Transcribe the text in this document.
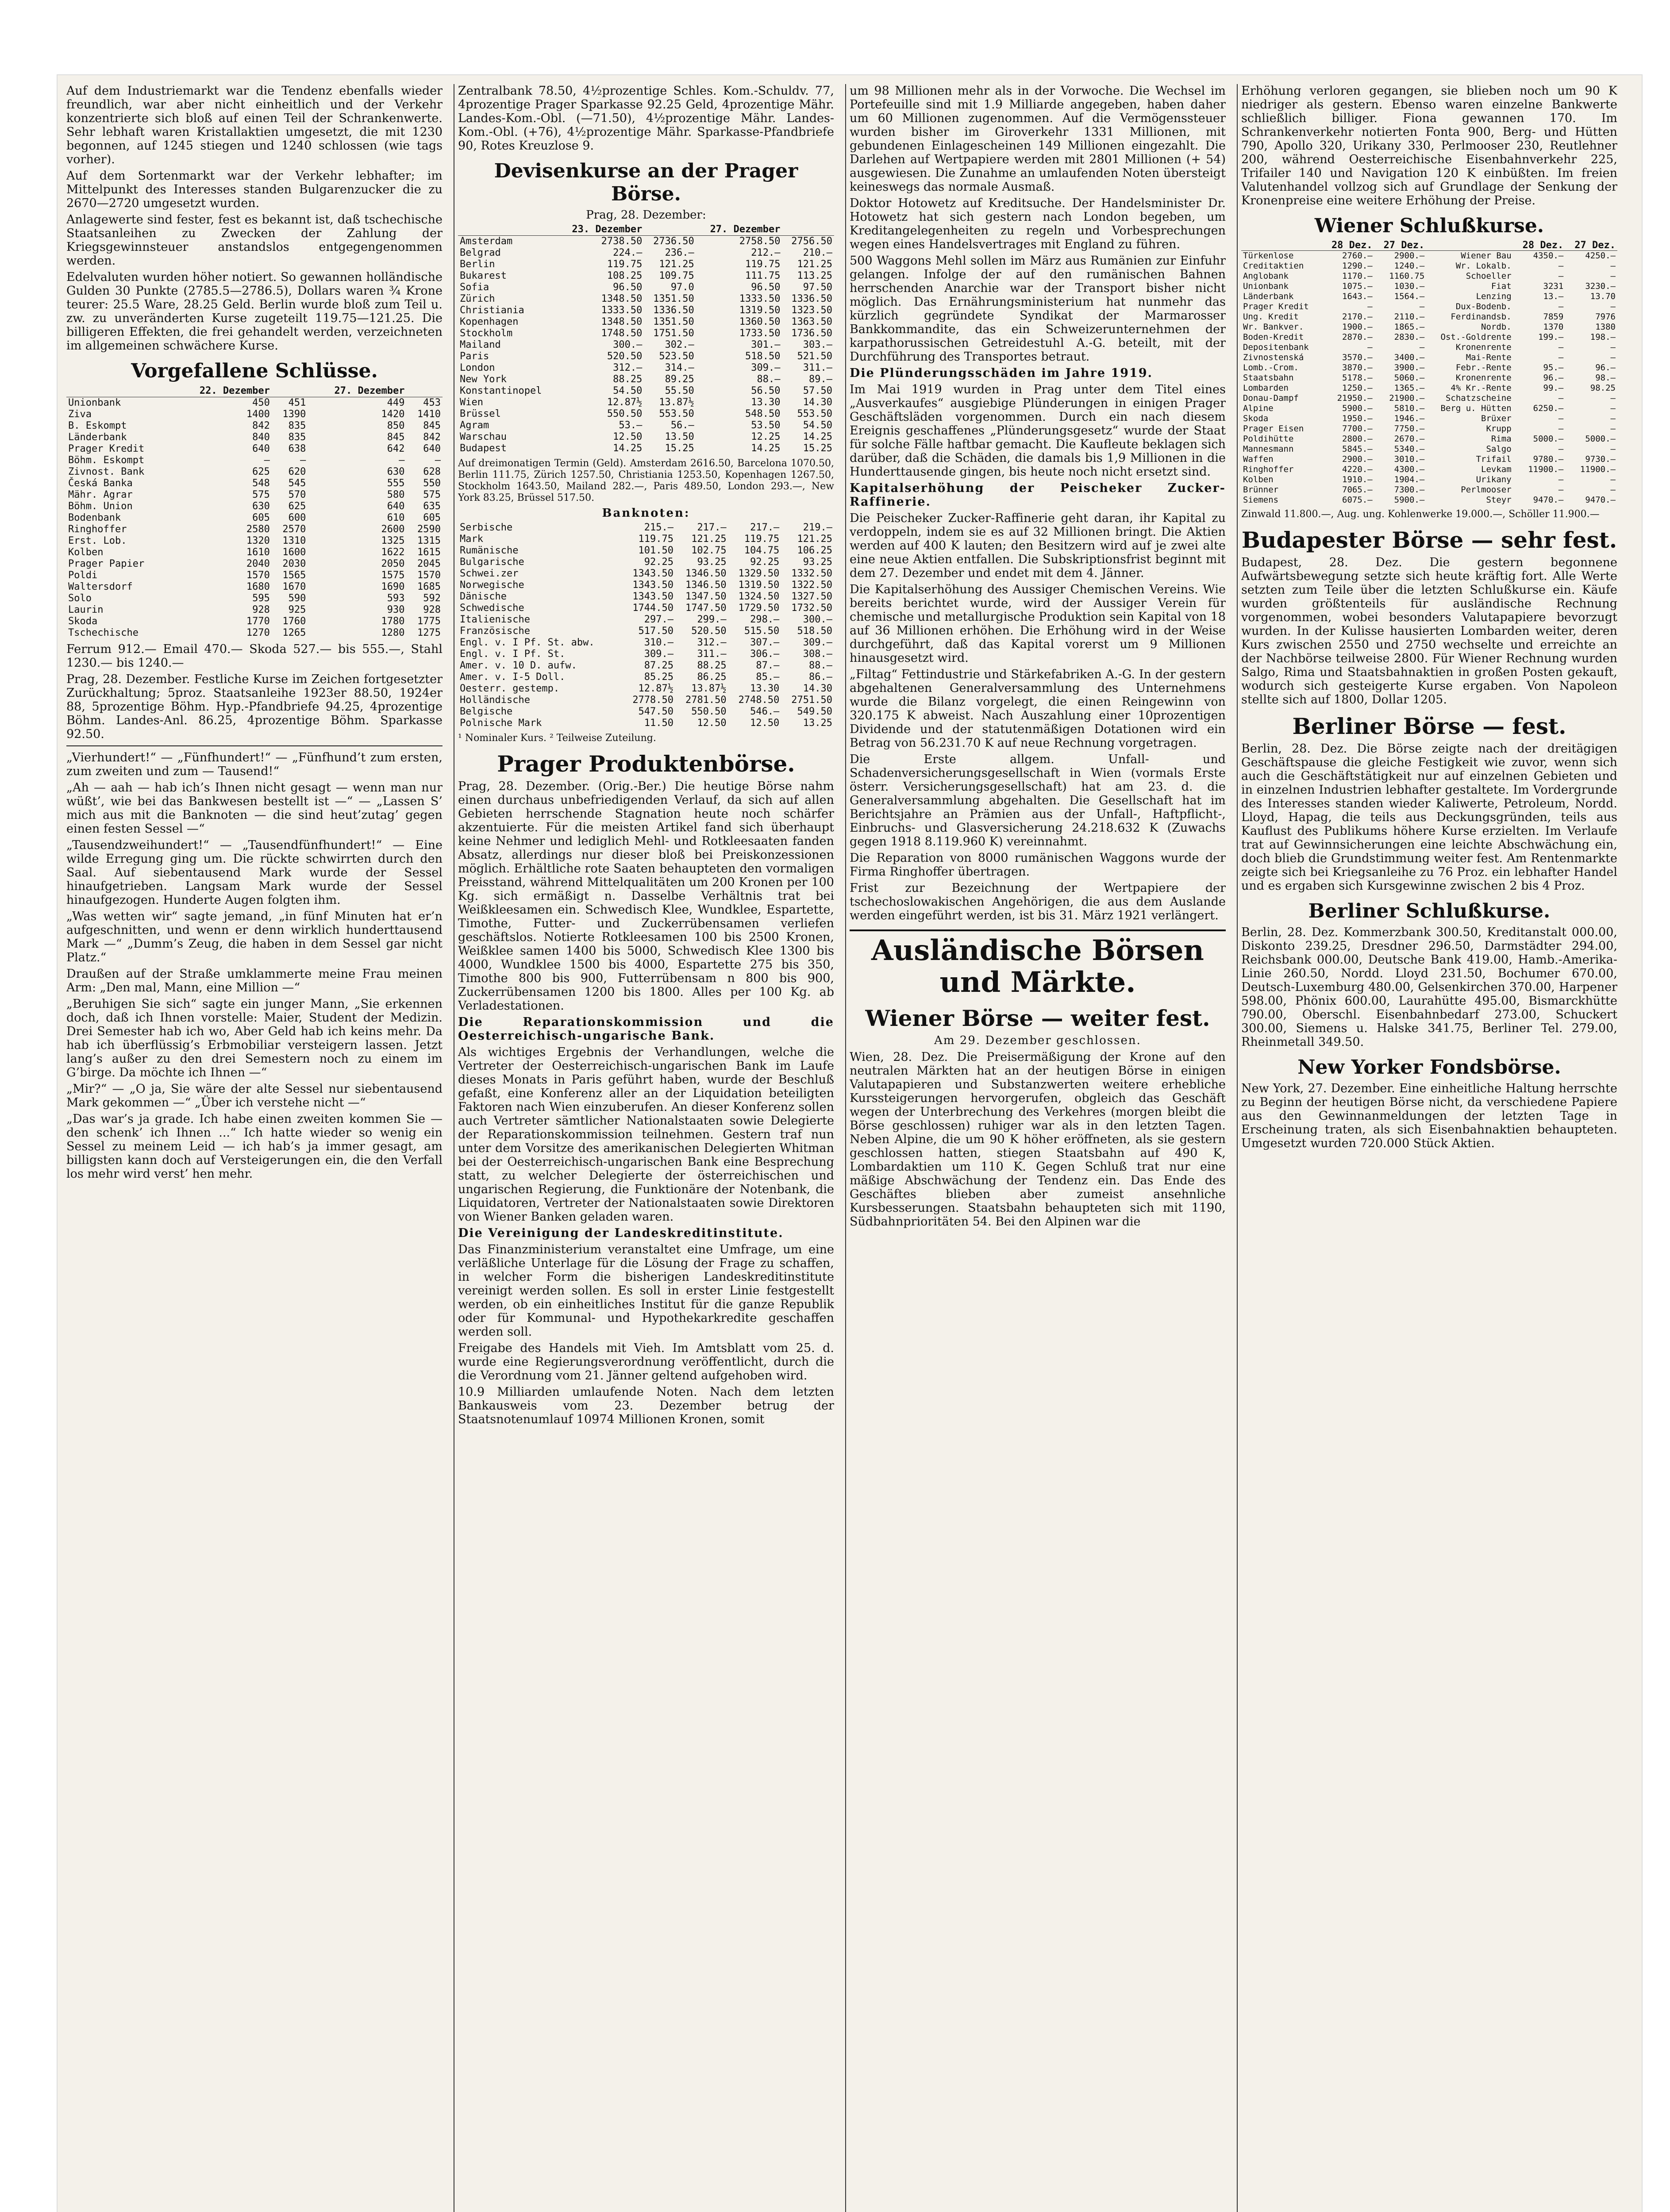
Auf dem Industriemarkt war die Tendenz ebenfalls wieder freundlich, war aber nicht einheitlich und der Verkehr konzentrierte sich bloß auf einen Teil der Schrankenwerte. Sehr lebhaft waren Kristallaktien umgesetzt, die mit 1230 begonnen, auf 1245 stiegen und 1240 schlossen (wie tags vorher).

Auf dem Sortenmarkt war der Verkehr lebhafter; im Mittelpunkt des Interesses standen Bulgarenzucker die zu 2670—2720 umgesetzt wurden.

Anlagewerte sind fester, fest es bekannt ist, daß tschechische Staatsanleihen zu Zwecken der Zahlung der Kriegsgewinnsteuer anstandslos entgegengenommen werden.

Edelvaluten wurden höher notiert. So gewannen holländische Gulden 30 Punkte (2785.5—2786.5), Dollars waren ¾ Krone teurer: 25.5 Ware, 28.25 Geld. Berlin wurde bloß zum Teil u. zw. zu unveränderten Kurse zugeteilt 119.75—121.25. Die billigeren Effekten, die frei gehandelt werden, verzeichneten im allgemeinen schwächere Kurse.

Vorgefallene Schlüsse.
	22. Dezember		27. Dezember	
Unionbank	450	451	449	453
Ziva	1400	1390	1420	1410
B. Eskompt	842	835	850	845
Länderbank	840	835	845	842
Prager Kredit	640	638	642	640
Böhm. Eskompt	—	—	—	—
Zivnost. Bank	625	620	630	628
Česká Banka	548	545	555	550
Mähr. Agrar	575	570	580	575
Böhm. Union	630	625	640	635
Bodenbank	605	600	610	605
Ringhoffer	2580	2570	2600	2590
Erst. Lob.	1320	1310	1325	1315
Kolben	1610	1600	1622	1615
Prager Papier	2040	2030	2050	2045
Poldi	1570	1565	1575	1570
Waltersdorf	1680	1670	1690	1685
Solo	595	590	593	592
Laurin	928	925	930	928
Skoda	1770	1760	1780	1775
Tschechische	1270	1265	1280	1275

Ferrum 912.— Email 470.— Skoda 527.— bis 555.—, Stahl 1230.— bis 1240.—

Prag, 28. Dezember. Festliche Kurse im Zeichen fortgesetzter Zurückhaltung; 5proz. Staatsanleihe 1923er 88.50, 1924er 88, 5prozentige Böhm. Hyp.-Pfandbriefe 94.25, 4prozentige Böhm. Landes-Anl. 86.25, 4prozentige Böhm. Sparkasse 92.50.

„Vierhundert!“ — „Fünfhundert!“ — „Fünfhund’t zum ersten, zum zweiten und zum — Tausend!“

„Ah — aah — hab ich’s Ihnen nicht gesagt — wenn man nur wüßt’, wie bei das Bankwesen bestellt ist —“ — „Lassen S’ mich aus mit die Banknoten — die sind heut’zutag’ gegen einen festen Sessel —“

„Tausendzweihundert!“ — „Tausendfünfhundert!“ — Eine wilde Erregung ging um. Die rückte schwirrten durch den Saal. Auf siebentausend Mark wurde der Sessel hinaufgetrieben. Langsam Mark wurde der Sessel hinaufgezogen. Hunderte Augen folgten ihm.

„Was wetten wir“ sagte jemand, „in fünf Minuten hat er’n aufgeschnitten, und wenn er denn wirklich hunderttausend Mark —“ „Dumm’s Zeug, die haben in dem Sessel gar nicht Platz.“

Draußen auf der Straße umklammerte meine Frau meinen Arm: „Den mal, Mann, eine Million —“

„Beruhigen Sie sich“ sagte ein junger Mann, „Sie erkennen doch, daß ich Ihnen vorstelle: Maier, Student der Medizin. Drei Semester hab ich wo, Aber Geld hab ich keins mehr. Da hab ich überflüssig’s Erbmobiliar versteigern lassen. Jetzt lang’s außer zu den drei Semestern noch zu einem im G’birge. Da möchte ich Ihnen —“

„Mir?“ — „O ja, Sie wäre der alte Sessel nur siebentausend Mark gekommen —“ „Über ich verstehe nicht —“

„Das war’s ja grade. Ich habe einen zweiten kommen Sie — den schenk’ ich Ihnen ...“ Ich hatte wieder so wenig ein Sessel zu meinem Leid — ich hab’s ja immer gesagt, am billigsten kann doch auf Versteigerungen ein, die den Verfall los mehr wird verst’ hen mehr.

Zentralbank 78.50, 4½prozentige Schles. Kom.-Schuldv. 77, 4prozentige Prager Sparkasse 92.25 Geld, 4prozentige Mähr. Landes-Kom.-Obl. (—71.50), 4½prozentige Mähr. Landes-Kom.-Obl. (+76), 4½prozentige Mähr. Sparkasse-Pfandbriefe 90, Rotes Kreuzlose 9.

Devisenkurse an der Prager Börse.
Prag, 28. Dezember:
	23. Dezember		27. Dezember	
Amsterdam	2738.50	2736.50	2758.50	2756.50
Belgrad	224.—	236.—	212.—	210.—
Berlin	119.75	121.25	119.75	121.25
Bukarest	108.25	109.75	111.75	113.25
Sofia	96.50	97.0	96.50	97.50
Zürich	1348.50	1351.50	1333.50	1336.50
Christiania	1333.50	1336.50	1319.50	1323.50
Kopenhagen	1348.50	1351.50	1360.50	1363.50
Stockholm	1748.50	1751.50	1733.50	1736.50
Mailand	300.—	302.—	301.—	303.—
Paris	520.50	523.50	518.50	521.50
London	312.—	314.—	309.—	311.—
New York	88.25	89.25	88.—	89.—
Konstantinopel	54.50	55.50	56.50	57.50
Wien	12.87½	13.87½	13.30	14.30
Brüssel	550.50	553.50	548.50	553.50
Agram	53.—	56.—	53.50	54.50
Warschau	12.50	13.50	12.25	14.25
Budapest	14.25	15.25	14.25	15.25

Auf dreimonatigen Termin (Geld). Amsterdam 2616.50, Barcelona 1070.50, Berlin 111.75, Zürich 1257.50, Christiania 1253.50, Kopenhagen 1267.50, Stockholm 1643.50, Mailand 282.—, Paris 489.50, London 293.—, New York 83.25, Brüssel 517.50.

Banknoten:
Serbische	215.—	217.—	217.—	219.—
Mark	119.75	121.25	119.75	121.25
Rumänische	101.50	102.75	104.75	106.25
Bulgarische	92.25	93.25	92.25	93.25
Schwei.zer	1343.50	1346.50	1329.50	1332.50
Norwegische	1343.50	1346.50	1319.50	1322.50
Dänische	1343.50	1347.50	1324.50	1327.50
Schwedische	1744.50	1747.50	1729.50	1732.50
Italienische	297.—	299.—	298.—	300.—
Französische	517.50	520.50	515.50	518.50
Engl. v. I Pf. St. abw.	310.—	312.—	307.—	309.—
Engl. v. I Pf. St.	309.—	311.—	306.—	308.—
Amer. v. 10 D. aufw.	87.25	88.25	87.—	88.—
Amer. v. I-5 Doll.	85.25	86.25	85.—	86.—
Oesterr. gestemp.	12.87½	13.87½	13.30	14.30
Holländische	2778.50	2781.50	2748.50	2751.50
Belgische	547.50	550.50	546.—	549.50
Polnische Mark	11.50	12.50	12.50	13.25

¹ Nominaler Kurs. ² Teilweise Zuteilung.

Prager Produktenbörse.

Prag, 28. Dezember. (Orig.-Ber.) Die heutige Börse nahm einen durchaus unbefriedigenden Verlauf, da sich auf allen Gebieten herrschende Stagnation heute noch schärfer akzentuierte. Für die meisten Artikel fand sich überhaupt keine Nehmer und lediglich Mehl- und Rotkleesaaten fanden Absatz, allerdings nur dieser bloß bei Preiskonzessionen möglich. Erhältliche rote Saaten behaupteten den vormaligen Preisstand, während Mittelqualitäten um 200 Kronen per 100 Kg. sich ermäßigt n. Dasselbe Verhältnis trat bei Weißkleesamen ein. Schwedisch Klee, Wundklee, Espartette, Timothe, Futter- und Zuckerrübensamen verliefen geschäftslos. Notierte Rotkleesamen 100 bis 2500 Kronen, Weißklee samen 1400 bis 5000, Schwedisch Klee 1300 bis 4000, Wundklee 1500 bis 4000, Espartette 275 bis 350, Timothe 800 bis 900, Futterrübensam n 800 bis 900, Zuckerrübensamen 1200 bis 1800. Alles per 100 Kg. ab Verladestationen.

Die Reparationskommission und die Oesterreichisch-ungarische Bank.

Als wichtiges Ergebnis der Verhandlungen, welche die Vertreter der Oesterreichisch-ungarischen Bank im Laufe dieses Monats in Paris geführt haben, wurde der Beschluß gefaßt, eine Konferenz aller an der Liquidation beteiligten Faktoren nach Wien einzuberufen. An dieser Konferenz sollen auch Vertreter sämtlicher Nationalstaaten sowie Delegierte der Reparationskommission teilnehmen. Gestern traf nun unter dem Vorsitze des amerikanischen Delegierten Whitman bei der Oesterreichisch-ungarischen Bank eine Besprechung statt, zu welcher Delegierte der österreichischen und ungarischen Regierung, die Funktionäre der Notenbank, die Liquidatoren, Vertreter der Nationalstaaten sowie Direktoren von Wiener Banken geladen waren.

Die Vereinigung der Landeskreditinstitute.

Das Finanzministerium veranstaltet eine Umfrage, um eine verläßliche Unterlage für die Lösung der Frage zu schaffen, in welcher Form die bisherigen Landeskreditinstitute vereinigt werden sollen. Es soll in erster Linie festgestellt werden, ob ein einheitliches Institut für die ganze Republik oder für Kommunal- und Hypothekarkredite geschaffen werden soll.

Freigabe des Handels mit Vieh. Im Amtsblatt vom 25. d. wurde eine Regierungsverordnung veröffentlicht, durch die die Verordnung vom 21. Jänner geltend aufgehoben wird.

10.9 Milliarden umlaufende Noten. Nach dem letzten Bankausweis vom 23. Dezember betrug der Staatsnotenumlauf 10974 Millionen Kronen, somit

um 98 Millionen mehr als in der Vorwoche. Die Wechsel im Portefeuille sind mit 1.9 Milliarde angegeben, haben daher um 60 Millionen zugenommen. Auf die Vermögenssteuer wurden bisher im Giroverkehr 1331 Millionen, mit gebundenen Einlagescheinen 149 Millionen eingezahlt. Die Darlehen auf Wertpapiere werden mit 2801 Millionen (+ 54) ausgewiesen. Die Zunahme an umlaufenden Noten übersteigt keineswegs das normale Ausmaß.

Doktor Hotowetz auf Kreditsuche. Der Handelsminister Dr. Hotowetz hat sich gestern nach London begeben, um Kreditangelegenheiten zu regeln und Vorbesprechungen wegen eines Handelsvertrages mit England zu führen.

500 Waggons Mehl sollen im März aus Rumänien zur Einfuhr gelangen. Infolge der auf den rumänischen Bahnen herrschenden Anarchie war der Transport bisher nicht möglich. Das Ernährungsministerium hat nunmehr das kürzlich gegründete Syndikat der Marmarosser Bankkommandite, das ein Schweizerunternehmen der karpathorussischen Getreidestuhl A.-G. beteilt, mit der Durchführung des Transportes betraut.

Die Plünderungsschäden im Jahre 1919.

Im Mai 1919 wurden in Prag unter dem Titel eines „Ausverkaufes“ ausgiebige Plünderungen in einigen Prager Geschäftsläden vorgenommen. Durch ein nach diesem Ereignis geschaffenes „Plünderungsgesetz“ wurde der Staat für solche Fälle haftbar gemacht. Die Kaufleute beklagen sich darüber, daß die Schäden, die damals bis 1,9 Millionen in die Hunderttausende gingen, bis heute noch nicht ersetzt sind.

Kapitalserhöhung der Peischeker Zucker-Raffinerie.

Die Peischeker Zucker-Raffinerie geht daran, ihr Kapital zu verdoppeln, indem sie es auf 32 Millionen bringt. Die Aktien werden auf 400 K lauten; den Besitzern wird auf je zwei alte eine neue Aktien entfallen. Die Subskriptionsfrist beginnt mit dem 27. Dezember und endet mit dem 4. Jänner.

Die Kapitalserhöhung des Aussiger Chemischen Vereins. Wie bereits berichtet wurde, wird der Aussiger Verein für chemische und metallurgische Produktion sein Kapital von 18 auf 36 Millionen erhöhen. Die Erhöhung wird in der Weise durchgeführt, daß das Kapital vorerst um 9 Millionen hinausgesetzt wird.

„Filtag“ Fettindustrie und Stärkefabriken A.-G. In der gestern abgehaltenen Generalversammlung des Unternehmens wurde die Bilanz vorgelegt, die einen Reingewinn von 320.175 K abweist. Nach Auszahlung einer 10prozentigen Dividende und der statutenmäßigen Dotationen wird ein Betrag von 56.231.70 K auf neue Rechnung vorgetragen.

Die Erste allgem. Unfall- und Schadenversicherungsgesellschaft in Wien (vormals Erste österr. Versicherungsgesellschaft) hat am 23. d. die Generalversammlung abgehalten. Die Gesellschaft hat im Berichtsjahre an Prämien aus der Unfall-, Haftpflicht-, Einbruchs- und Glasversicherung 24.218.632 K (Zuwachs gegen 1918 8.119.960 K) vereinnahmt.

Die Reparation von 8000 rumänischen Waggons wurde der Firma Ringhoffer übertragen.

Frist zur Bezeichnung der Wertpapiere der tschechoslowakischen Angehörigen, die aus dem Auslande werden eingeführt werden, ist bis 31. März 1921 verlängert.

Ausländische Börsen und Märkte.
Wiener Börse — weiter fest.
Am 29. Dezember geschlossen.

Wien, 28. Dez. Die Preisermäßigung der Krone auf den neutralen Märkten hat an der heutigen Börse in einigen Valutapapieren und Substanzwerten weitere erhebliche Kurssteigerungen hervorgerufen, obgleich das Geschäft wegen der Unterbrechung des Verkehres (morgen bleibt die Börse geschlossen) ruhiger war als in den letzten Tagen. Neben Alpine, die um 90 K höher eröffneten, als sie gestern geschlossen hatten, stiegen Staatsbahn auf 490 K, Lombardaktien um 110 K. Gegen Schluß trat nur eine mäßige Abschwächung der Tendenz ein. Das Ende des Geschäftes blieben aber zumeist ansehnliche Kursbesserungen. Staatsbahn behaupteten sich mit 1190, Südbahnprioritäten 54. Bei den Alpinen war die

Erhöhung verloren gegangen, sie blieben noch um 90 K niedriger als gestern. Ebenso waren einzelne Bankwerte schließlich billiger. Fiona gewannen 170. Im Schrankenverkehr notierten Fonta 900, Berg- und Hütten 790, Apollo 320, Urikany 330, Perlmooser 230, Reutlehner 200, während Oesterreichische Eisenbahnverkehr 225, Trifailer 140 und Navigation 120 K einbüßten. Im freien Valutenhandel vollzog sich auf Grundlage der Senkung der Kronenpreise eine weitere Erhöhung der Preise.

Wiener Schlußkurse.
	28 Dez.	27 Dez.		28 Dez.	27 Dez.
Türkenlose	2760.—	2900.—	Wiener Bau	4350.—	4250.—
Creditaktien	1290.—	1240.—	Wr. Lokalb.	—	—
Anglobank	1170.—	1160.75	Schoeller	—	—
Unionbank	1075.—	1030.—	Fiat	3231	3230.—
Länderbank	1643.—	1564.—	Lenzing	13.—	13.70
Prager Kredit	—	—	Dux-Bodenb.	—	—
Ung. Kredit	2170.—	2110.—	Ferdinandsb.	7859	7976
Wr. Bankver.	1900.—	1865.—	Nordb.	1370	1380
Boden-Kredit	2870.—	2830.—	Ost.-Goldrente	199.—	198.—
Depositenbank	—	—	Kronenrente	—	—
Zivnostenská	3570.—	3400.—	Mai-Rente	—	—
Lomb.-Crom.	3870.—	3900.—	Febr.-Rente	95.—	96.—
Staatsbahn	5178.—	5060.—	Kronenrente	96.—	98.—
Lombarden	1250.—	1365.—	4% Kr.-Rente	99.—	98.25
Donau-Dampf	21950.—	21900.—	Schatzscheine	—	—
Alpine	5900.—	5810.—	Berg u. Hütten	6250.—	—
Skoda	1950.—	1946.—	Brüxer	—	—
Prager Eisen	7700.—	7750.—	Krupp	—	—
Poldihütte	2800.—	2670.—	Rima	5000.—	5000.—
Mannesmann	5845.—	5340.—	Salgo	—	—
Waffen	2900.—	3010.—	Trifail	9780.—	9730.—
Ringhoffer	4220.—	4300.—	Levkam	11900.—	11900.—
Kolben	1910.—	1904.—	Urikany	—	—
Brünner	7065.—	7300.—	Perlmooser	—	—
Siemens	6075.—	5900.—	Steyr	9470.—	9470.—

Zinwald 11.800.—, Aug. ung. Kohlenwerke 19.000.—, Schöller 11.900.—

Budapester Börse — sehr fest.

Budapest, 28. Dez. Die gestern begonnene Aufwärtsbewegung setzte sich heute kräftig fort. Alle Werte setzten zum Teile über die letzten Schlußkurse ein. Käufe wurden größtenteils für ausländische Rechnung vorgenommen, wobei besonders Valutapapiere bevorzugt wurden. In der Kulisse hausierten Lombarden weiter, deren Kurs zwischen 2550 und 2750 wechselte und erreichte an der Nachbörse teilweise 2800. Für Wiener Rechnung wurden Salgo, Rima und Staatsbahnaktien in großen Posten gekauft, wodurch sich gesteigerte Kurse ergaben. Von Napoleon stellte sich auf 1800, Dollar 1205.

Berliner Börse — fest.

Berlin, 28. Dez. Die Börse zeigte nach der dreitägigen Geschäftspause die gleiche Festigkeit wie zuvor, wenn sich auch die Geschäftstätigkeit nur auf einzelnen Gebieten und in einzelnen Industrien lebhafter gestaltete. Im Vordergrunde des Interesses standen wieder Kaliwerte, Petroleum, Nordd. Lloyd, Hapag, die teils aus Deckungsgründen, teils aus Kauflust des Publikums höhere Kurse erzielten. Im Verlaufe trat auf Gewinnsicherungen eine leichte Abschwächung ein, doch blieb die Grundstimmung weiter fest. Am Rentenmarkte zeigte sich bei Kriegsanleihe zu 76 Proz. ein lebhafter Handel und es ergaben sich Kursgewinne zwischen 2 bis 4 Proz.

Berliner Schlußkurse.

Berlin, 28. Dez. Kommerzbank 300.50, Kreditanstalt 000.00, Diskonto 239.25, Dresdner 296.50, Darmstädter 294.00, Reichsbank 000.00, Deutsche Bank 419.00, Hamb.-Amerika-Linie 260.50, Nordd. Lloyd 231.50, Bochumer 670.00, Deutsch-Luxemburg 480.00, Gelsenkirchen 370.00, Harpener 598.00, Phönix 600.00, Laurahütte 495.00, Bismarckhütte 790.00, Oberschl. Eisenbahnbedarf 273.00, Schuckert 300.00, Siemens u. Halske 341.75, Berliner Tel. 279.00, Rheinmetall 349.50.

New Yorker Fondsbörse.

New York, 27. Dezember. Eine einheitliche Haltung herrschte zu Beginn der heutigen Börse nicht, da verschiedene Papiere aus den Gewinnanmeldungen der letzten Tage in Erscheinung traten, als sich Eisenbahnaktien behaupteten. Umgesetzt wurden 720.000 Stück Aktien.
